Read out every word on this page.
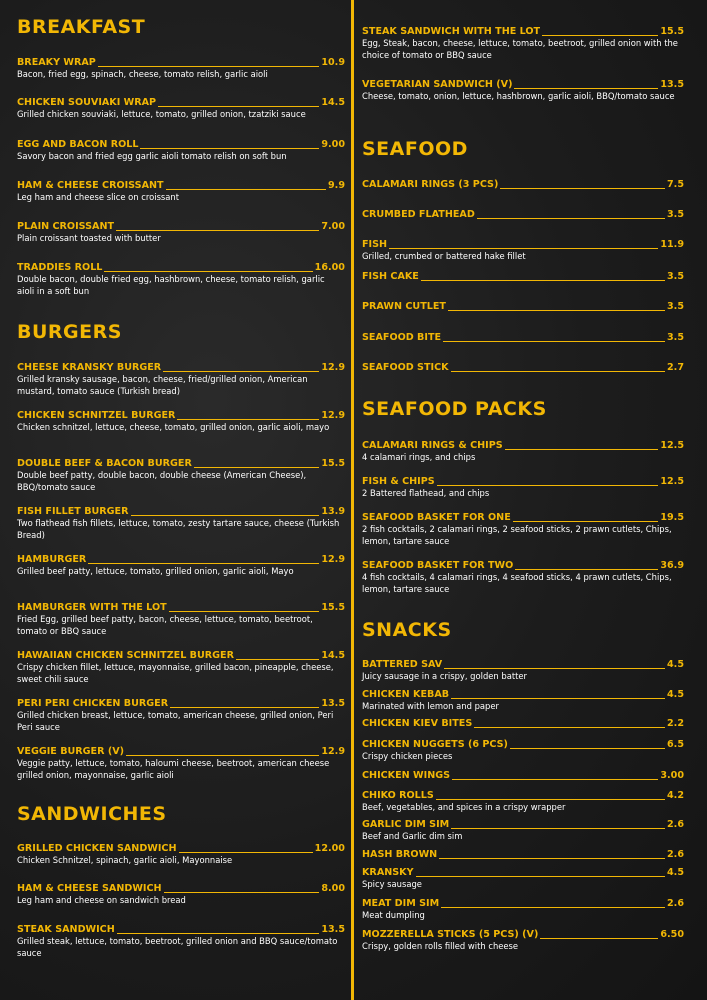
BREAKFAST
BREAKY WRAP	10.9
Bacon, fried egg, spinach, cheese, tomato relish, garlic aioli
CHICKEN SOUVIAKI WRAP	14.5
Grilled chicken souviaki, lettuce, tomato, grilled onion, tzatziki sauce
EGG AND BACON ROLL	9.00
Savory bacon and fried egg garlic aioli tomato relish on soft bun
HAM & CHEESE CROISSANT	9.9
Leg ham and cheese slice on croissant
PLAIN CROISSANT	7.00
Plain croissant toasted with butter
TRADDIES ROLL	16.00
Double bacon, double fried egg, hashbrown, cheese, tomato relish, garlic aioli in a soft bun
BURGERS
CHEESE KRANSKY BURGER	12.9
Grilled kransky sausage, bacon, cheese, fried/grilled onion, American mustard, tomato sauce (Turkish bread)
CHICKEN SCHNITZEL BURGER	12.9
Chicken schnitzel, lettuce, cheese, tomato, grilled onion, garlic aioli, mayo
DOUBLE BEEF & BACON BURGER	15.5
Double beef patty, double bacon, double cheese (American Cheese), BBQ/tomato sauce
FISH FILLET BURGER	13.9
Two flathead fish fillets, lettuce, tomato, zesty tartare sauce, cheese (Turkish Bread)
HAMBURGER	12.9
Grilled beef patty, lettuce, tomato, grilled onion, garlic aioli, Mayo
HAMBURGER WITH THE LOT	15.5
Fried Egg, grilled beef patty, bacon, cheese, lettuce, tomato, beetroot, tomato or BBQ sauce
HAWAIIAN CHICKEN SCHNITZEL BURGER	14.5
Crispy chicken fillet, lettuce, mayonnaise, grilled bacon, pineapple, cheese, sweet chili sauce
PERI PERI CHICKEN BURGER	13.5
Grilled chicken breast, lettuce, tomato, american cheese, grilled onion, Peri Peri sauce
VEGGIE BURGER (V)	12.9
Veggie patty, lettuce, tomato, haloumi cheese, beetroot, american cheese grilled onion, mayonnaise, garlic aioli
SANDWICHES
GRILLED CHICKEN SANDWICH	12.00
Chicken Schnitzel, spinach, garlic aioli, Mayonnaise
HAM & CHEESE SANDWICH	8.00
Leg ham and cheese on sandwich bread
STEAK SANDWICH	13.5
Grilled steak, lettuce, tomato, beetroot, grilled onion and BBQ sauce/tomato sauce
STEAK SANDWICH WITH THE LOT	15.5
Egg, Steak, bacon, cheese, lettuce, tomato, beetroot, grilled onion with the choice of tomato or BBQ sauce
VEGETARIAN SANDWICH (V)	13.5
Cheese, tomato, onion, lettuce, hashbrown, garlic aioli, BBQ/tomato sauce
SEAFOOD
CALAMARI RINGS (3 PCS)	7.5
CRUMBED FLATHEAD	3.5
FISH	11.9
Grilled, crumbed or battered hake fillet
FISH CAKE	3.5
PRAWN CUTLET	3.5
SEAFOOD BITE	3.5
SEAFOOD STICK	2.7
SEAFOOD PACKS
CALAMARI RINGS & CHIPS	12.5
4 calamari rings, and chips
FISH & CHIPS	12.5
2 Battered flathead, and chips
SEAFOOD BASKET FOR ONE	19.5
2 fish cocktails, 2 calamari rings, 2 seafood sticks, 2 prawn cutlets, Chips, lemon, tartare sauce
SEAFOOD BASKET FOR TWO	36.9
4 fish cocktails, 4 calamari rings, 4 seafood sticks, 4 prawn cutlets, Chips, lemon, tartare sauce
SNACKS
BATTERED SAV	4.5
Juicy sausage in a crispy, golden batter
CHICKEN KEBAB	4.5
Marinated with lemon and paper
CHICKEN KIEV BITES	2.2
CHICKEN NUGGETS (6 PCS)	6.5
Crispy chicken pieces
CHICKEN WINGS	3.00
CHIKO ROLLS	4.2
Beef, vegetables, and spices in a crispy wrapper
GARLIC DIM SIM	2.6
Beef and Garlic dim sim
HASH BROWN	2.6
KRANSKY	4.5
Spicy sausage
MEAT DIM SIM	2.6
Meat dumpling
MOZZERELLA STICKS (5 PCS) (V)	6.50
Crispy, golden rolls filled with cheese
